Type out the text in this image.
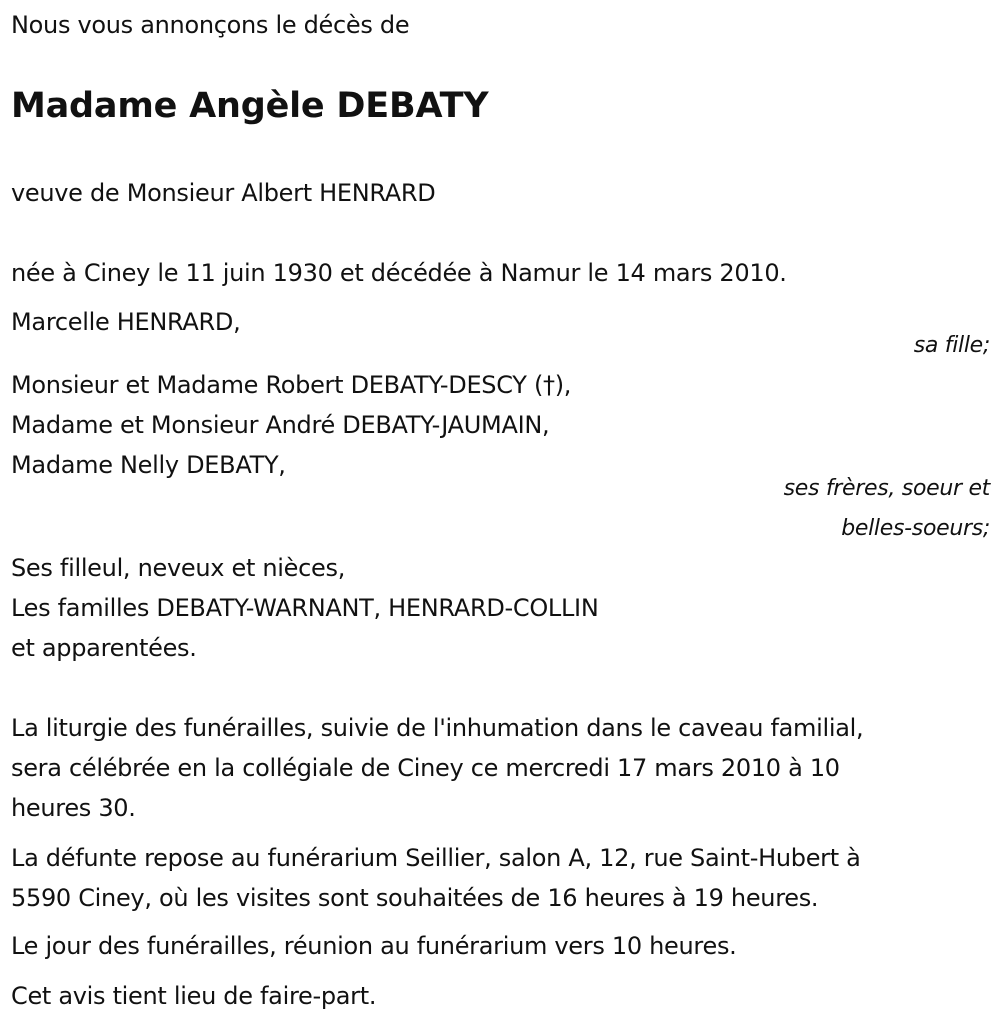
Nous vous annonçons le décès de
Madame Angèle DEBATY
veuve de Monsieur Albert HENRARD
née à Ciney le 11 juin 1930 et décédée à Namur le 14 mars 2010.
Marcelle HENRARD,
sa fille;
Monsieur et Madame Robert DEBATY-DESCY (†),
Madame et Monsieur André DEBATY-JAUMAIN,
Madame Nelly DEBATY,
ses frères, soeur et
belles-soeurs;
Ses filleul, neveux et nièces,
Les familles DEBATY-WARNANT, HENRARD-COLLIN
et apparentées.
La liturgie des funérailles, suivie de l'inhumation dans le caveau familial,
sera célébrée en la collégiale de Ciney ce mercredi 17 mars 2010 à 10
heures 30.
La défunte repose au funérarium Seillier, salon A, 12, rue Saint-Hubert à
5590 Ciney, où les visites sont souhaitées de 16 heures à 19 heures.
Le jour des funérailles, réunion au funérarium vers 10 heures.
Cet avis tient lieu de faire-part.
